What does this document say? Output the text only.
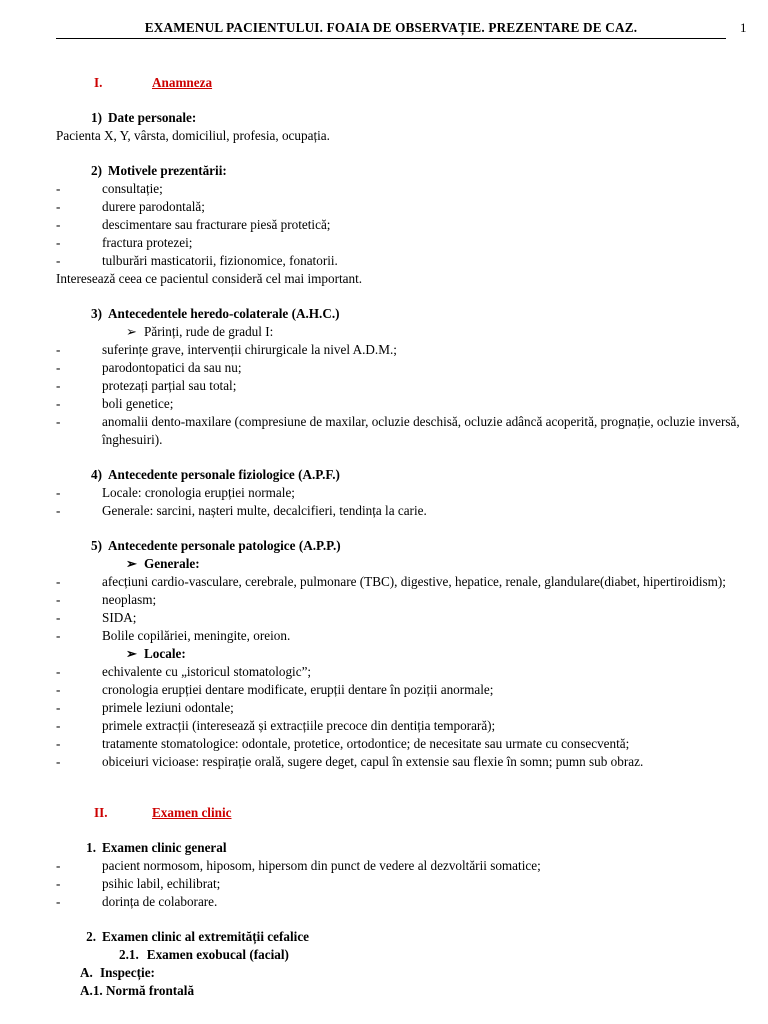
EXAMENUL PACIENTULUI. FOAIA DE OBSERVAȚIE. PREZENTARE DE CAZ.	1
I.	Anamneza
1) Date personale:
Pacienta X, Y, vârsta, domiciliul, profesia, ocupația.
2) Motivele prezentării:
-	consultație;
-	durere parodontală;
-	descimentare sau fracturare piesă protetică;
-	fractura protezei;
-	tulburări masticatorii, fizionomice, fonatorii.
Interesează ceea ce pacientul consideră cel mai important.
3) Antecedentele heredo-colaterale (A.H.C.)
➢ Părinți, rude de gradul I:
-	suferințe grave, intervenții chirurgicale la nivel A.D.M.;
-	parodontopatici da sau nu;
-	protezați parțial sau total;
-	boli genetice;
-	anomalii dento-maxilare (compresiune de maxilar, ocluzie deschisă, ocluzie adâncă acoperită, prognație, ocluzie inversă, înghesuiri).
4) Antecedente personale fiziologice (A.P.F.)
-	Locale: cronologia erupției normale;
-	Generale: sarcini, nașteri multe, decalcifieri, tendința la carie.
5) Antecedente personale patologice (A.P.P.)
➢ Generale:
-	afecțiuni cardio-vasculare, cerebrale, pulmonare (TBC), digestive, hepatice, renale, glandulare(diabet, hipertiroidism);
-	neoplasm;
-	SIDA;
-	Bolile copilăriei, meningite, oreion.
➢ Locale:
-	echivalente cu „istoricul stomatologic”;
-	cronologia erupției dentare modificate, erupții dentare în poziții anormale;
-	primele leziuni odontale;
-	primele extracții (interesează și extracțiile precoce din dentiția temporară);
-	tratamente stomatologice: odontale, protetice, ortodontice; de necesitate sau urmate cu consecventă;
-	obiceiuri vicioase: respirație orală, sugere deget, capul în extensie sau flexie în somn; pumn sub obraz.
II.	Examen clinic
1. Examen clinic general
-	pacient normosom, hiposom, hipersom din punct de vedere al dezvoltării somatice;
-	psihic labil, echilibrat;
-	dorința de colaborare.
2. Examen clinic al extremității cefalice
2.1. Examen exobucal (facial)
A. Inspecție:
A.1. Normă frontală
